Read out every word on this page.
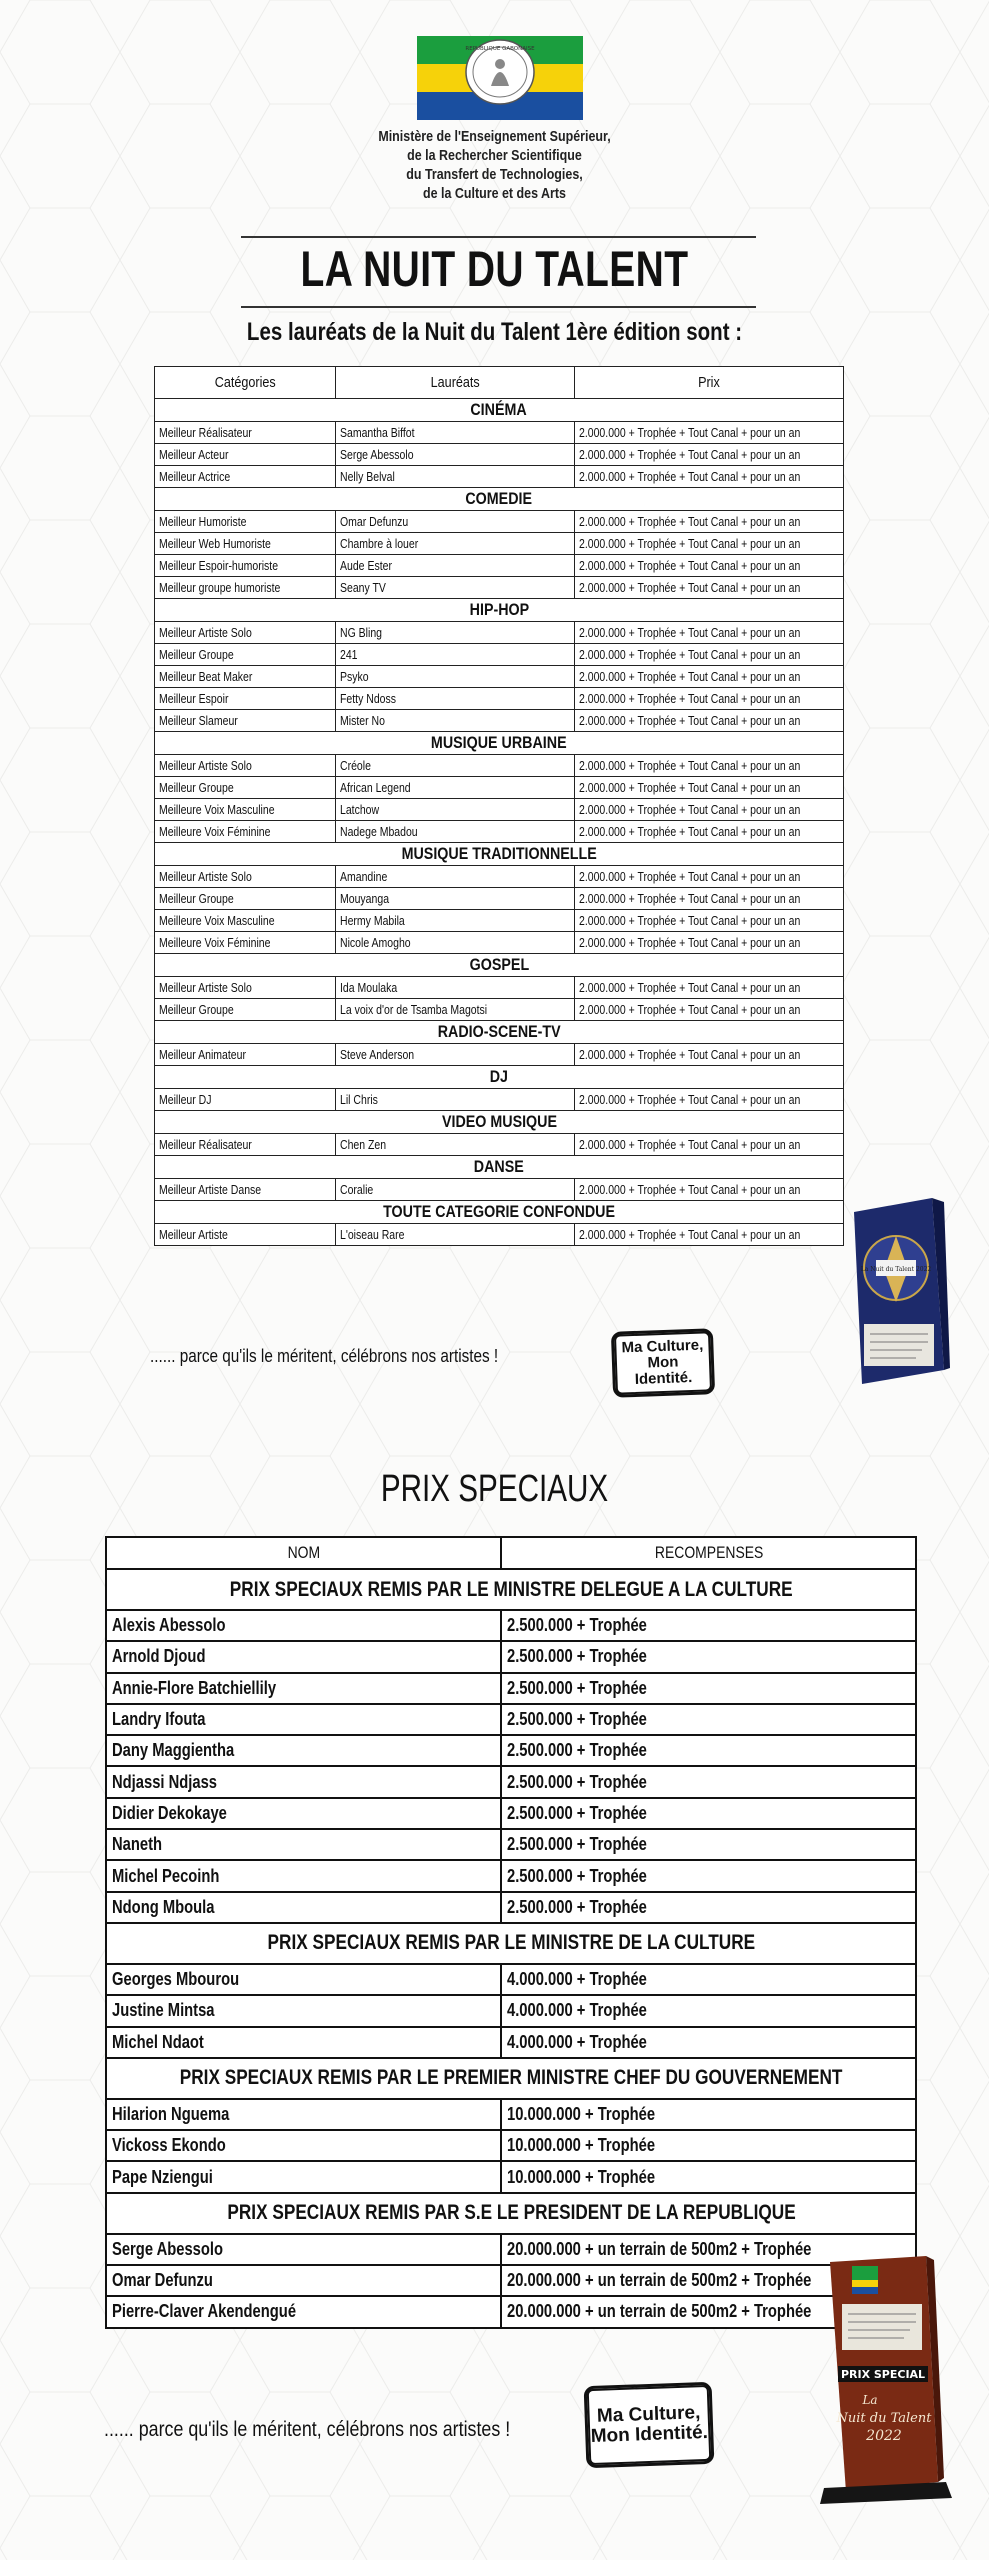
REPUBLIQUE GABONAISE
Ministère de l'Enseignement Supérieur,
de la Rechercher Scientifique
du Transfert de Technologies,
de la Culture et des Arts
LA NUIT DU TALENT
Les lauréats de la Nuit du Talent 1ère édition sont :
Catégories	Lauréats	Prix
CINÉMA		
Meilleur Réalisateur	Samantha Biffot	2.000.000 + Trophée + Tout Canal + pour un an
Meilleur Acteur	Serge Abessolo	2.000.000 + Trophée + Tout Canal + pour un an
Meilleur Actrice	Nelly Belval	2.000.000 + Trophée + Tout Canal + pour un an
COMEDIE		
Meilleur Humoriste	Omar Defunzu	2.000.000 + Trophée + Tout Canal + pour un an
Meilleur Web Humoriste	Chambre à louer	2.000.000 + Trophée + Tout Canal + pour un an
Meilleur Espoir-humoriste	Aude Ester	2.000.000 + Trophée + Tout Canal + pour un an
Meilleur groupe humoriste	Seany TV	2.000.000 + Trophée + Tout Canal + pour un an
HIP-HOP		
Meilleur Artiste Solo	NG Bling	2.000.000 + Trophée + Tout Canal + pour un an
Meilleur Groupe	241	2.000.000 + Trophée + Tout Canal + pour un an
Meilleur Beat Maker	Psyko	2.000.000 + Trophée + Tout Canal + pour un an
Meilleur Espoir	Fetty Ndoss	2.000.000 + Trophée + Tout Canal + pour un an
Meilleur Slameur	Mister No	2.000.000 + Trophée + Tout Canal + pour un an
MUSIQUE URBAINE		
Meilleur Artiste Solo	Créole	2.000.000 + Trophée + Tout Canal + pour un an
Meilleur Groupe	African Legend	2.000.000 + Trophée + Tout Canal + pour un an
Meilleure Voix Masculine	Latchow	2.000.000 + Trophée + Tout Canal + pour un an
Meilleure Voix Féminine	Nadege Mbadou	2.000.000 + Trophée + Tout Canal + pour un an
MUSIQUE TRADITIONNELLE		
Meilleur Artiste Solo	Amandine	2.000.000 + Trophée + Tout Canal + pour un an
Meilleur Groupe	Mouyanga	2.000.000 + Trophée + Tout Canal + pour un an
Meilleure Voix Masculine	Hermy Mabila	2.000.000 + Trophée + Tout Canal + pour un an
Meilleure Voix Féminine	Nicole Amogho	2.000.000 + Trophée + Tout Canal + pour un an
GOSPEL		
Meilleur Artiste Solo	Ida Moulaka	2.000.000 + Trophée + Tout Canal + pour un an
Meilleur Groupe	La voix d'or de Tsamba Magotsi	2.000.000 + Trophée + Tout Canal + pour un an
RADIO-SCENE-TV		
Meilleur Animateur	Steve Anderson	2.000.000 + Trophée + Tout Canal + pour un an
DJ		
Meilleur DJ	Lil Chris	2.000.000 + Trophée + Tout Canal + pour un an
VIDEO MUSIQUE		
Meilleur Réalisateur	Chen Zen	2.000.000 + Trophée + Tout Canal + pour un an
DANSE		
Meilleur Artiste Danse	Coralie	2.000.000 + Trophée + Tout Canal + pour un an
TOUTE CATEGORIE CONFONDUE		
Meilleur Artiste	L'oiseau Rare	2.000.000 + Trophée + Tout Canal + pour un an
La Nuit du Talent 2022
...... parce qu'ils le méritent, célébrons nos artistes !	Ma Culture,
Mon Identité.
PRIX SPECIAUX
NOM	RECOMPENSES
PRIX SPECIAUX REMIS PAR LE MINISTRE DELEGUE A LA CULTURE	
Alexis Abessolo	2.500.000 + Trophée
Arnold Djoud	2.500.000 + Trophée
Annie-Flore Batchiellily	2.500.000 + Trophée
Landry Ifouta	2.500.000 + Trophée
Dany Maggientha	2.500.000 + Trophée
Ndjassi Ndjass	2.500.000 + Trophée
Didier Dekokaye	2.500.000 + Trophée
Naneth	2.500.000 + Trophée
Michel Pecoinh	2.500.000 + Trophée
Ndong Mboula	2.500.000 + Trophée
PRIX SPECIAUX REMIS PAR LE MINISTRE DE LA CULTURE	
Georges Mbourou	4.000.000 + Trophée
Justine Mintsa	4.000.000 + Trophée
Michel Ndaot	4.000.000 + Trophée
PRIX SPECIAUX REMIS PAR LE PREMIER MINISTRE CHEF DU GOUVERNEMENT	
Hilarion Nguema	10.000.000 + Trophée
Vickoss Ekondo	10.000.000 + Trophée
Pape Nziengui	10.000.000 + Trophée
PRIX SPECIAUX REMIS PAR S.E LE PRESIDENT DE LA REPUBLIQUE	
Serge Abessolo	20.000.000 + un terrain de 500m2 + Trophée
Omar Defunzu	20.000.000 + un terrain de 500m2 + Trophée
Pierre-Claver Akendengué	20.000.000 + un terrain de 500m2 + Trophée
PRIX SPECIAL
La
Nuit du Talent
2022
...... parce qu'ils le méritent, célébrons nos artistes !
Ma Culture,
Mon Identité.
